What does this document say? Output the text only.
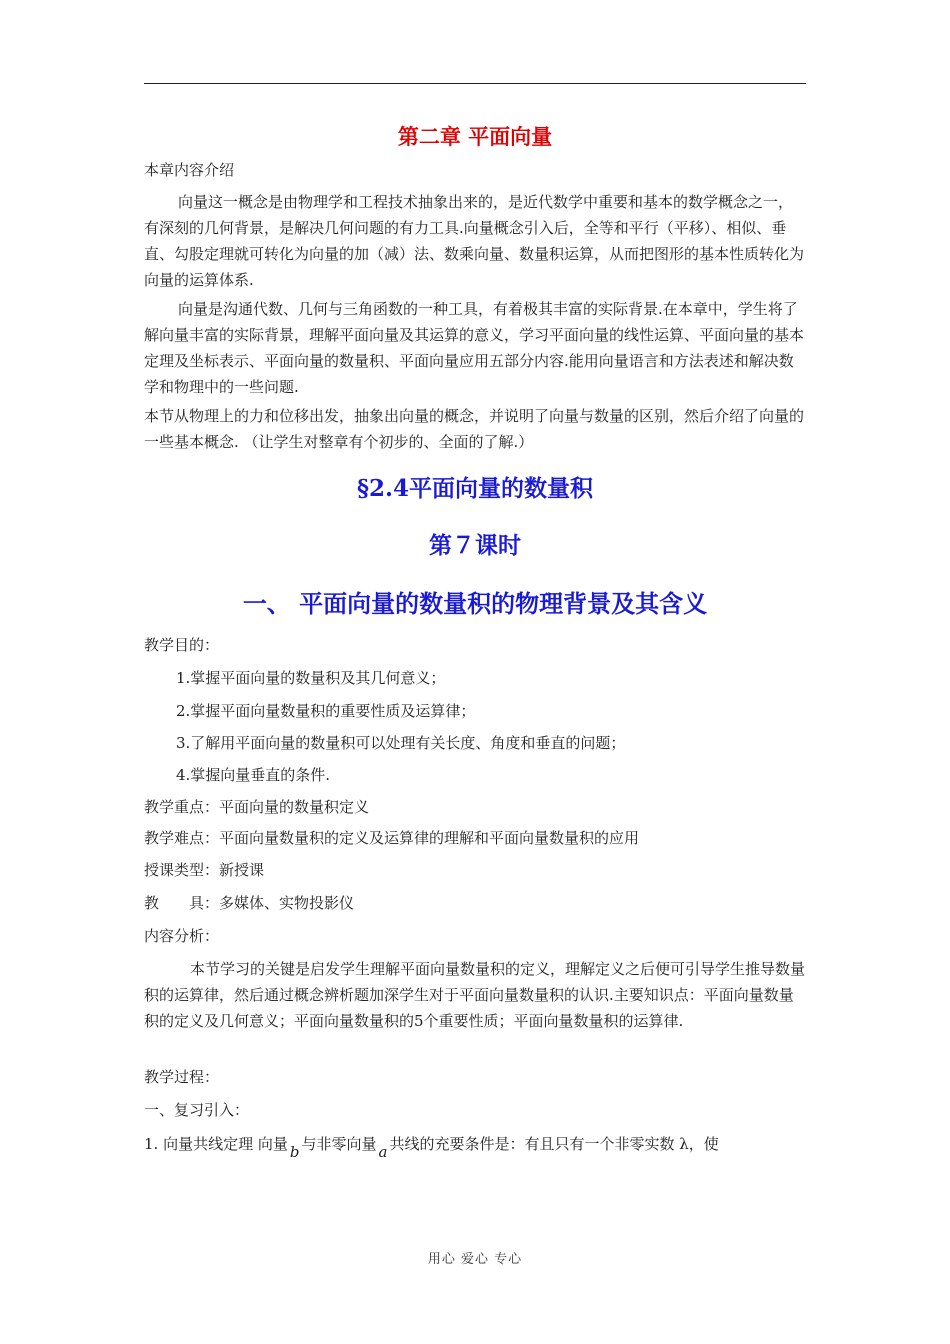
第二章 平面向量
本章内容介绍
向量这一概念是由物理学和工程技术抽象出来的，是近代数学中重要和基本的数学概念之一，有深刻的几何背景，是解决几何问题的有力工具.向量概念引入后，全等和平行（平移）、相似、垂直、勾股定理就可转化为向量的加（减）法、数乘向量、数量积运算，从而把图形的基本性质转化为向量的运算体系.
向量是沟通代数、几何与三角函数的一种工具，有着极其丰富的实际背景.在本章中，学生将了解向量丰富的实际背景，理解平面向量及其运算的意义，学习平面向量的线性运算、平面向量的基本定理及坐标表示、平面向量的数量积、平面向量应用五部分内容.能用向量语言和方法表述和解决数学和物理中的一些问题.
本节从物理上的力和位移出发，抽象出向量的概念，并说明了向量与数量的区别，然后介绍了向量的一些基本概念. （让学生对整章有个初步的、全面的了解.）
§2.4平面向量的数量积
第７课时
一、 平面向量的数量积的物理背景及其含义
教学目的：
1.掌握平面向量的数量积及其几何意义；
2.掌握平面向量数量积的重要性质及运算律；
3.了解用平面向量的数量积可以处理有关长度、角度和垂直的问题；
4.掌握向量垂直的条件.
教学重点：平面向量的数量积定义
教学难点：平面向量数量积的定义及运算律的理解和平面向量数量积的应用
授课类型：新授课
教　　具：多媒体、实物投影仪
内容分析：
本节学习的关键是启发学生理解平面向量数量积的定义，理解定义之后便可引导学生推导数量积的运算律，然后通过概念辨析题加深学生对于平面向量数量积的认识.主要知识点：平面向量数量积的定义及几何意义；平面向量数量积的5个重要性质；平面向量数量积的运算律.
教学过程：
一、复习引入：
1. 向量共线定理 向量 b 与非零向量 a 共线的充要条件是：有且只有一个非零实数 λ，使
用心 爱心 专心
